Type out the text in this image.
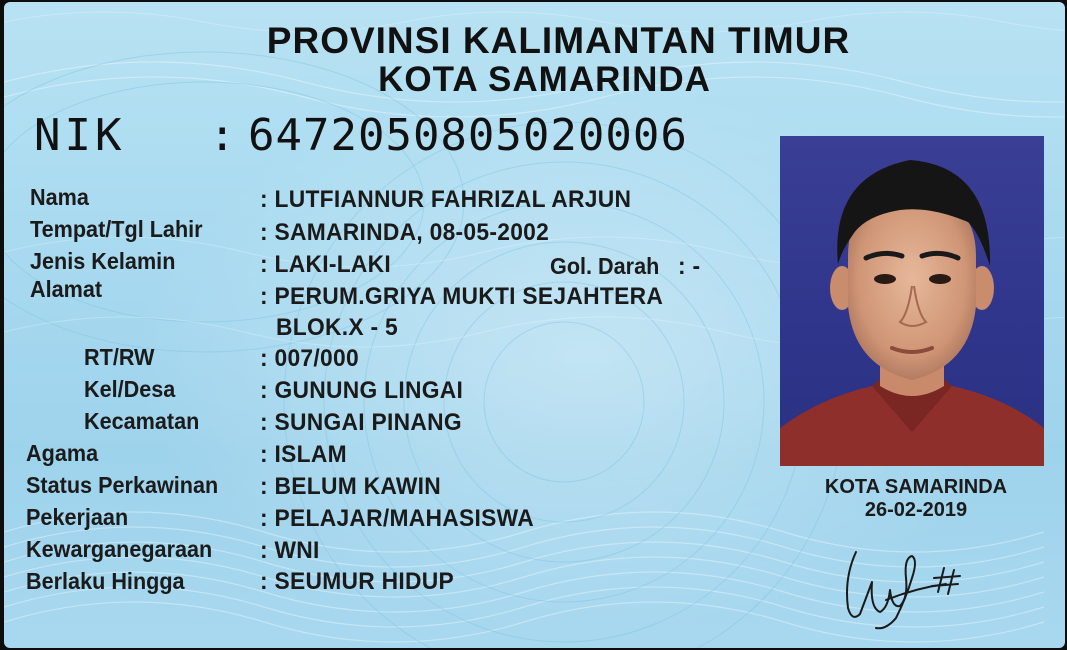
PROVINSI KALIMANTAN TIMUR
KOTA SAMARINDA
NIK : 6472050805020006
Nama	: LUTFIANNUR FAHRIZAL ARJUN
Tempat/Tgl Lahir : SAMARINDA, 08-05-2002
Jenis Kelamin	: LAKI-LAKI	Gol. Darah : -
Alamat	: PERUM.GRIYA MUKTI SEJAHTERA
BLOK.X - 5
RT/RW	: 007/000
Kel/Desa	: GUNUNG LINGAI
Kecamatan	: SUNGAI PINANG
Agama	: ISLAM
Status Perkawinan : BELUM KAWIN
Pekerjaan	: PELAJAR/MAHASISWA
Kewarganegaraan : WNI
Berlaku Hingga	: SEUMUR HIDUP
KOTA SAMARINDA
26-02-2019
